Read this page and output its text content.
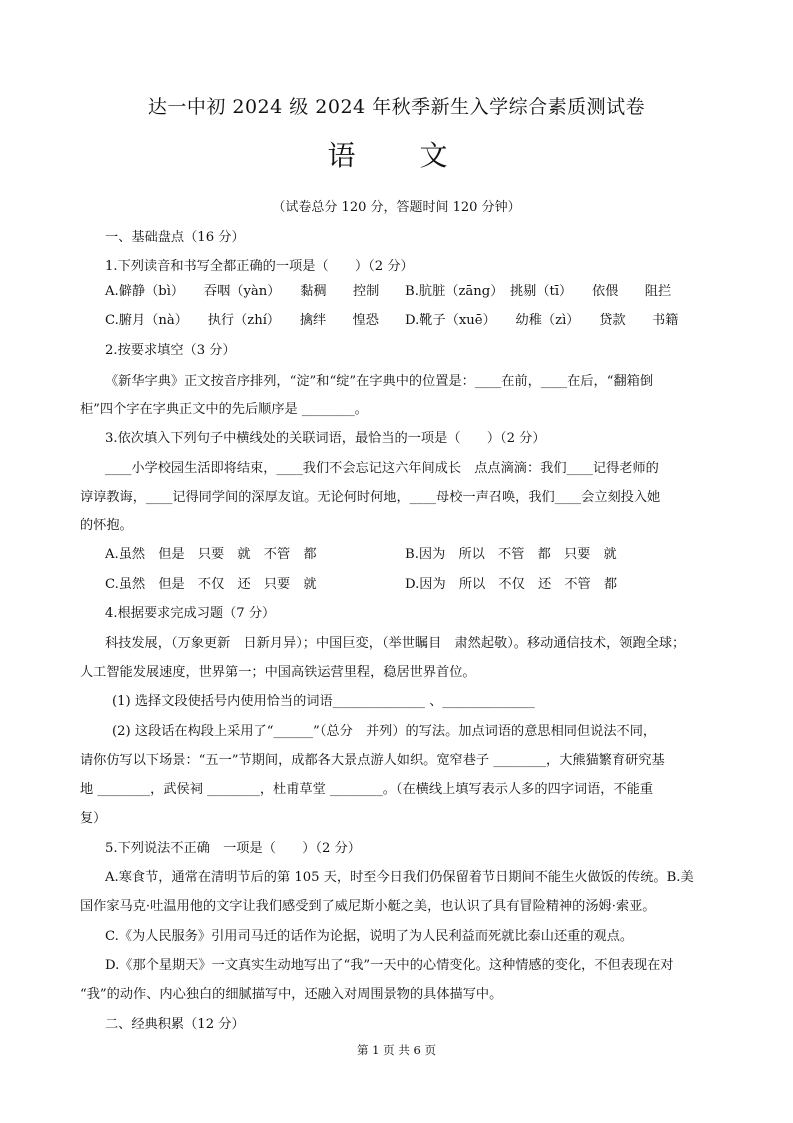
达一中初 2024 级 2024 年秋季新生入学综合素质测试卷
语　文

（试卷总分 120 分，答题时间 120 分钟）

一、基础盘点（16 分）

1.下列读音和书写全都正确的一项是（　　）（2 分）

A.僻静（bì）　　吞咽（yàn）　　黏稠　　控制 B.肮脏（zāng）　挑剔（tī）　　依偎　　阻拦

C.腑月（nà）　　执行（zhí）　　擒绊　　惶恐 D.靴子（xuē）　　幼稚（zì）　　贷款　　书籍

2.按要求填空（3 分）

《新华字典》正文按音序排列，“淀”和“绽”在字典中的位置是：____在前，____在后，“翻箱倒

柜”四个字在字典正文中的先后顺序是 ________。

3.依次填入下列句子中横线处的关联词语，最恰当的一项是（　　）（2 分）

____小学校园生活即将结束，____我们不会忘记这六年间成长　点点滴滴：我们____记得老师的

谆谆教诲，____记得同学间的深厚友谊。无论何时何地，____母校一声召唤，我们____会立刻投入她

的怀抱。

A.虽然　但是　只要　就　不管　都	B.因为　所以　不管　都　只要　就

C.虽然　但是　不仅　还　只要　就	D.因为　所以　不仅　还　不管　都

4.根据要求完成习题（7 分）

科技发展，（万象更新　日新月异）；中国巨変，（举世瞩目　肃然起敬）。移动通信技术，领跑全球；

人工智能发展速度，世界第一；中国高铁运营里程，稳居世界首位。

(1) 选择文段使括号内使用恰当的词语______________ 、______________

(2) 这段话在构段上采用了“______”（总分　并列）的写法。加点词语的意思相同但说法不同，

请你仿写以下场景：“五一”节期间，成都各大景点游人如织。宽窄巷子 ________，大熊猫繁育研究基

地 ________，武侯祠 ________，杜甫草堂 ________。（在横线上填写表示人多的四字词语，不能重

复）

5.下列说法不正确　一项是（　　）（2 分）

A.寒食节，通常在清明节后的第 105 天，时至今日我们仍保留着节日期间不能生火做饭的传统。B.美

国作家马克·吐温用他的文字让我们感受到了威尼斯小艇之美，也认识了具有冒险精神的汤姆·索亚。

C.《为人民服务》引用司马迁的话作为论据，说明了为人民利益而死就比泰山还重的观点。

D.《那个星期天》一文真实生动地写出了“我”一天中的心情变化。这种情感的变化，不但表现在对

“我”的动作、内心独白的细腻描写中，还融入对周围景物的具体描写中。

二、经典积累（12 分）

第 1 页 共 6 页
